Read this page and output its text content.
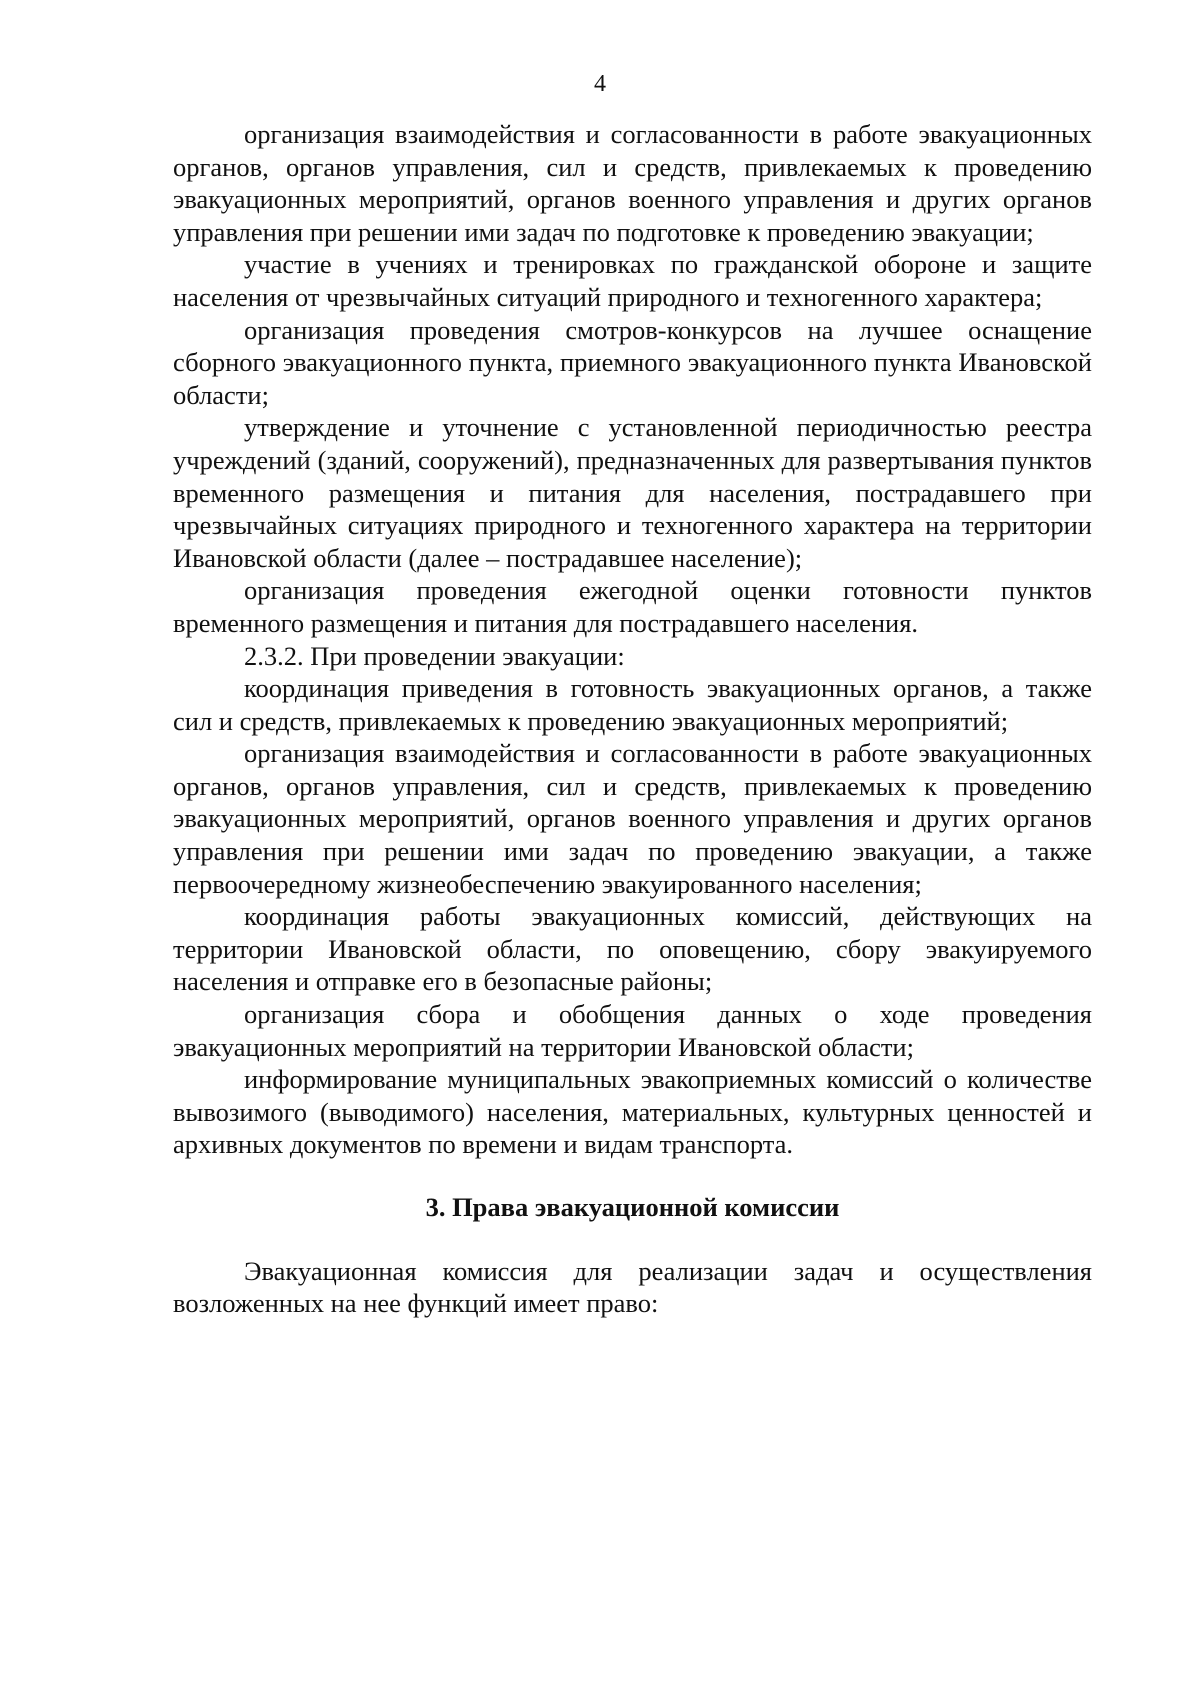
4

организация взаимодействия и согласованности в работе эвакуационных органов, органов управления, сил и средств, привлекаемых к проведению эвакуационных мероприятий, органов военного управления и других органов управления при решении ими задач по подготовке к проведению эвакуации;

участие в учениях и тренировках по гражданской обороне и защите населения от чрезвычайных ситуаций природного и техногенного характера;

организация проведения смотров-конкурсов на лучшее оснащение сборного эвакуационного пункта, приемного эвакуационного пункта Ивановской области;

утверждение и уточнение с установленной периодичностью реестра учреждений (зданий, сооружений), предназначенных для развертывания пунктов временного размещения и питания для населения, пострадавшего при чрезвычайных ситуациях природного и техногенного характера на территории Ивановской области (далее – пострадавшее население);

организация проведения ежегодной оценки готовности пунктов временного размещения и питания для пострадавшего населения.

2.3.2. При проведении эвакуации:

координация приведения в готовность эвакуационных органов, а также сил и средств, привлекаемых к проведению эвакуационных мероприятий;

организация взаимодействия и согласованности в работе эвакуационных органов, органов управления, сил и средств, привлекаемых к проведению эвакуационных мероприятий, органов военного управления и других органов управления при решении ими задач по проведению эвакуации, а также первоочередному жизнеобеспечению эвакуированного населения;

координация работы эвакуационных комиссий, действующих на территории Ивановской области, по оповещению, сбору эвакуируемого населения и отправке его в безопасные районы;

организация сбора и обобщения данных о ходе проведения эвакуационных мероприятий на территории Ивановской области;

информирование муниципальных эвакоприемных комиссий о количестве вывозимого (выводимого) населения, материальных, культурных ценностей и архивных документов по времени и видам транспорта.

3. Права эвакуационной комиссии

Эвакуационная комиссия для реализации задач и осуществления возложенных на нее функций имеет право:
